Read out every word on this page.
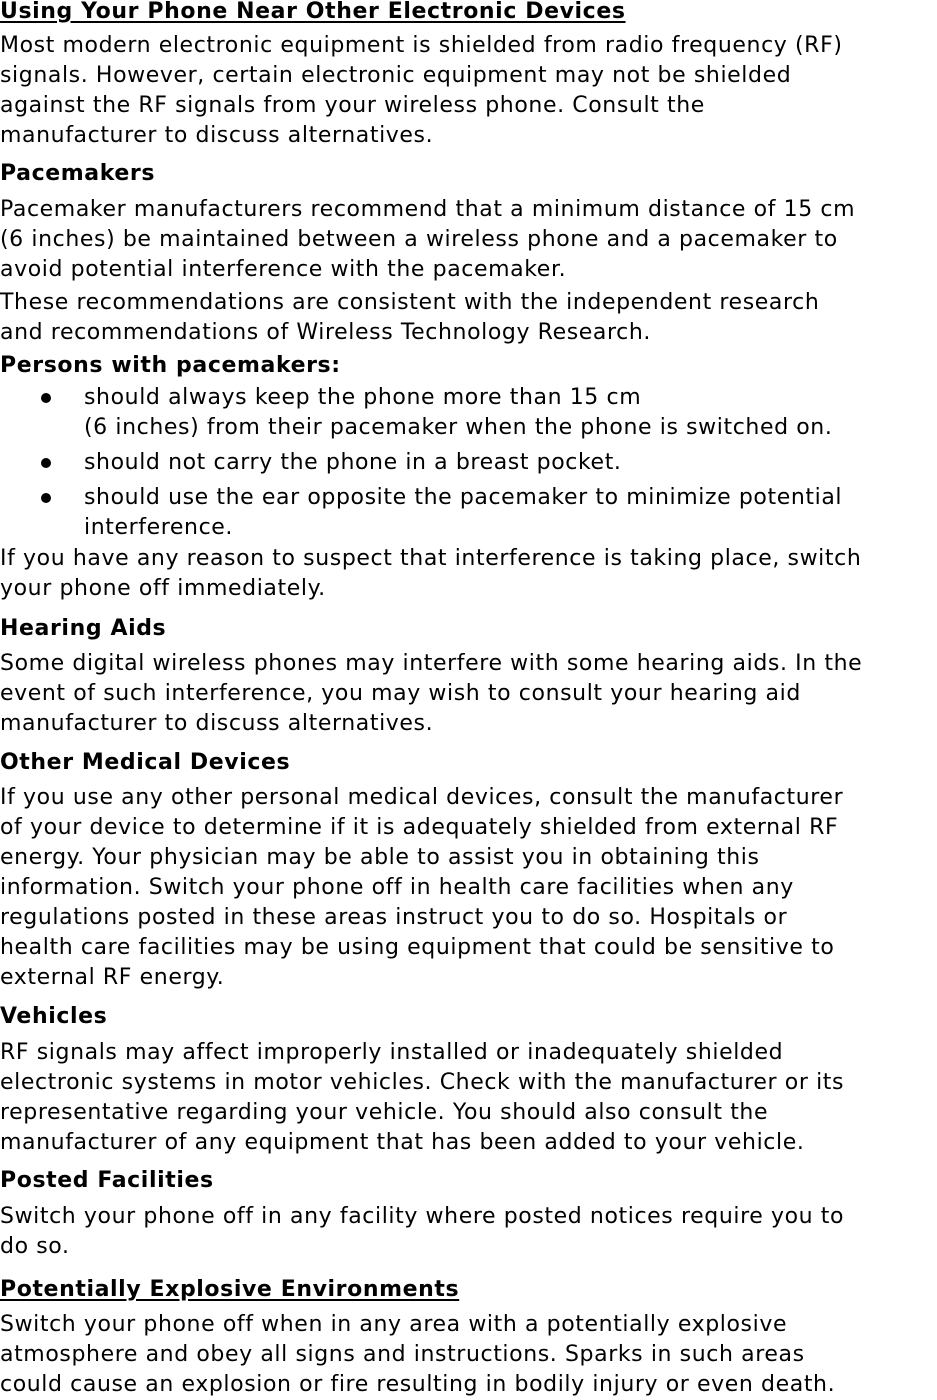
Using Your Phone Near Other Electronic Devices
Most modern electronic equipment is shielded from radio frequency (RF)
signals. However, certain electronic equipment may not be shielded
against the RF signals from your wireless phone. Consult the
manufacturer to discuss alternatives.
Pacemakers
Pacemaker manufacturers recommend that a minimum distance of 15 cm
(6 inches) be maintained between a wireless phone and a pacemaker to
avoid potential interference with the pacemaker.
These recommendations are consistent with the independent research
and recommendations of Wireless Technology Research.
Persons with pacemakers:
should always keep the phone more than 15 cm
(6 inches) from their pacemaker when the phone is switched on.
should not carry the phone in a breast pocket.
should use the ear opposite the pacemaker to minimize potential
interference.
If you have any reason to suspect that interference is taking place, switch
your phone off immediately.
Hearing Aids
Some digital wireless phones may interfere with some hearing aids. In the
event of such interference, you may wish to consult your hearing aid
manufacturer to discuss alternatives.
Other Medical Devices
If you use any other personal medical devices, consult the manufacturer
of your device to determine if it is adequately shielded from external RF
energy. Your physician may be able to assist you in obtaining this
information. Switch your phone off in health care facilities when any
regulations posted in these areas instruct you to do so. Hospitals or
health care facilities may be using equipment that could be sensitive to
external RF energy.
Vehicles
RF signals may affect improperly installed or inadequately shielded
electronic systems in motor vehicles. Check with the manufacturer or its
representative regarding your vehicle. You should also consult the
manufacturer of any equipment that has been added to your vehicle.
Posted Facilities
Switch your phone off in any facility where posted notices require you to
do so.
Potentially Explosive Environments
Switch your phone off when in any area with a potentially explosive
atmosphere and obey all signs and instructions. Sparks in such areas
could cause an explosion or fire resulting in bodily injury or even death.
